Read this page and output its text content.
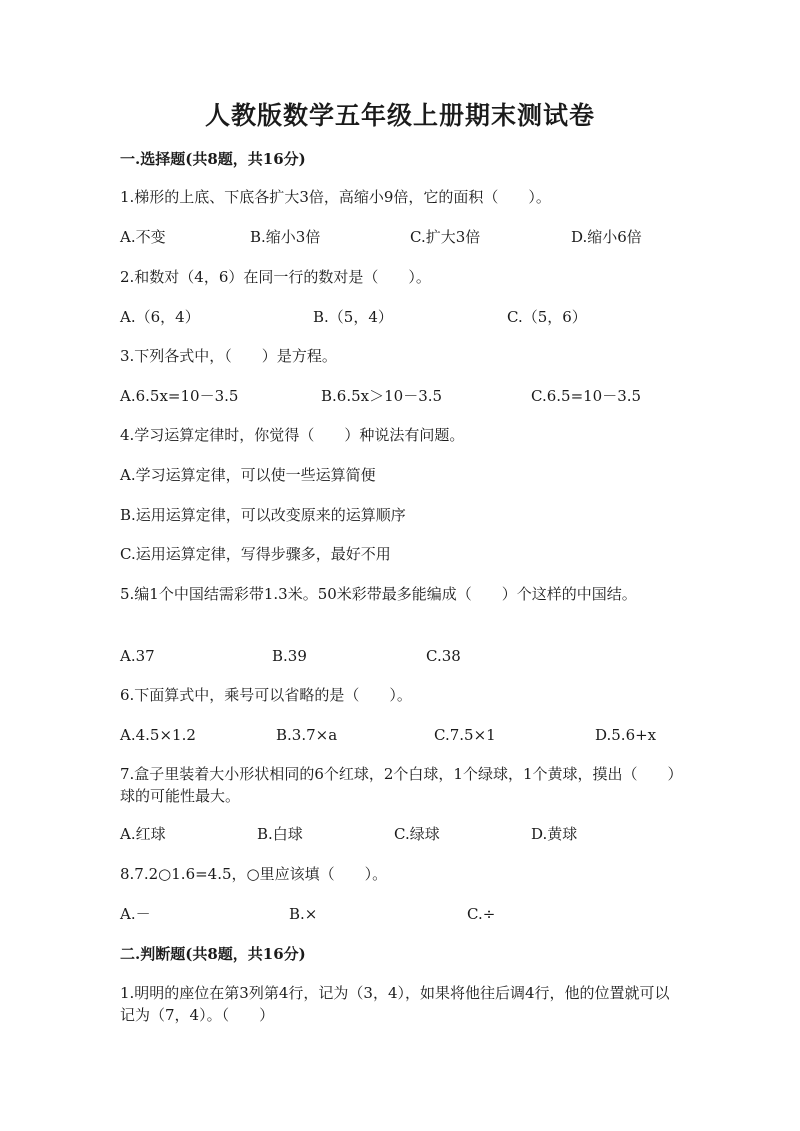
人教版数学五年级上册期末测试卷
一.选择题(共8题，共16分)
1.梯形的上底、下底各扩大3倍，高缩小9倍，它的面积（　　）。
A.不变	B.缩小3倍	C.扩大3倍	D.缩小6倍
2.和数对（4，6）在同一行的数对是（　　）。
A.（6，4）	B.（5，4）	C.（5，6）
3.下列各式中，（　　）是方程。
A.6.5x=10－3.5	B.6.5x＞10－3.5	C.6.5=10－3.5
4.学习运算定律时，你觉得（　　）种说法有问题。
A.学习运算定律，可以使一些运算简便
B.运用运算定律，可以改变原来的运算顺序
C.运用运算定律，写得步骤多，最好不用
5.编1个中国结需彩带1.3米。50米彩带最多能编成（　　）个这样的中国结。
A.37	B.39	C.38
6.下面算式中，乘号可以省略的是（　　）。
A.4.5×1.2	B.3.7×a	C.7.5×1	D.5.6+x
7.盒子里装着大小形状相同的6个红球，2个白球，1个绿球，1个黄球，摸出（　　）球的可能性最大。
A.红球	B.白球	C.绿球	D.黄球
8.7.2○1.6=4.5，○里应该填（　　）。
A.－	B.×	C.÷
二.判断题(共8题，共16分)
1.明明的座位在第3列第4行，记为（3，4），如果将他往后调4行，他的位置就可以记为（7，4）。（　　）
